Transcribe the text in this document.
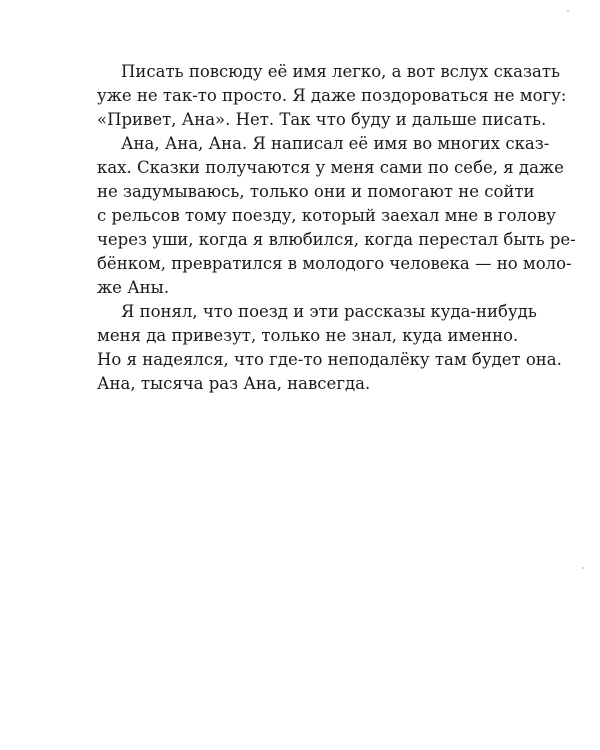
Писать повсюду её имя легко, а вот вслух сказать
уже не так-то просто. Я даже поздороваться не могу:
«Привет, Ана». Нет. Так что буду и дальше писать.
Ана, Ана, Ана. Я написал её имя во многих сказ-
ках. Сказки получаются у меня сами по себе, я даже
не задумываюсь, только они и помогают не сойти
с рельсов тому поезду, который заехал мне в голову
через уши, когда я влюбился, когда перестал быть ре-
бёнком, превратился в молодого человека — но моло-
же Аны.
Я понял, что поезд и эти рассказы куда-нибудь
меня да привезут, только не знал, куда именно.
Но я надеялся, что где-то неподалёку там будет она.
Ана, тысяча раз Ана, навсегда.
